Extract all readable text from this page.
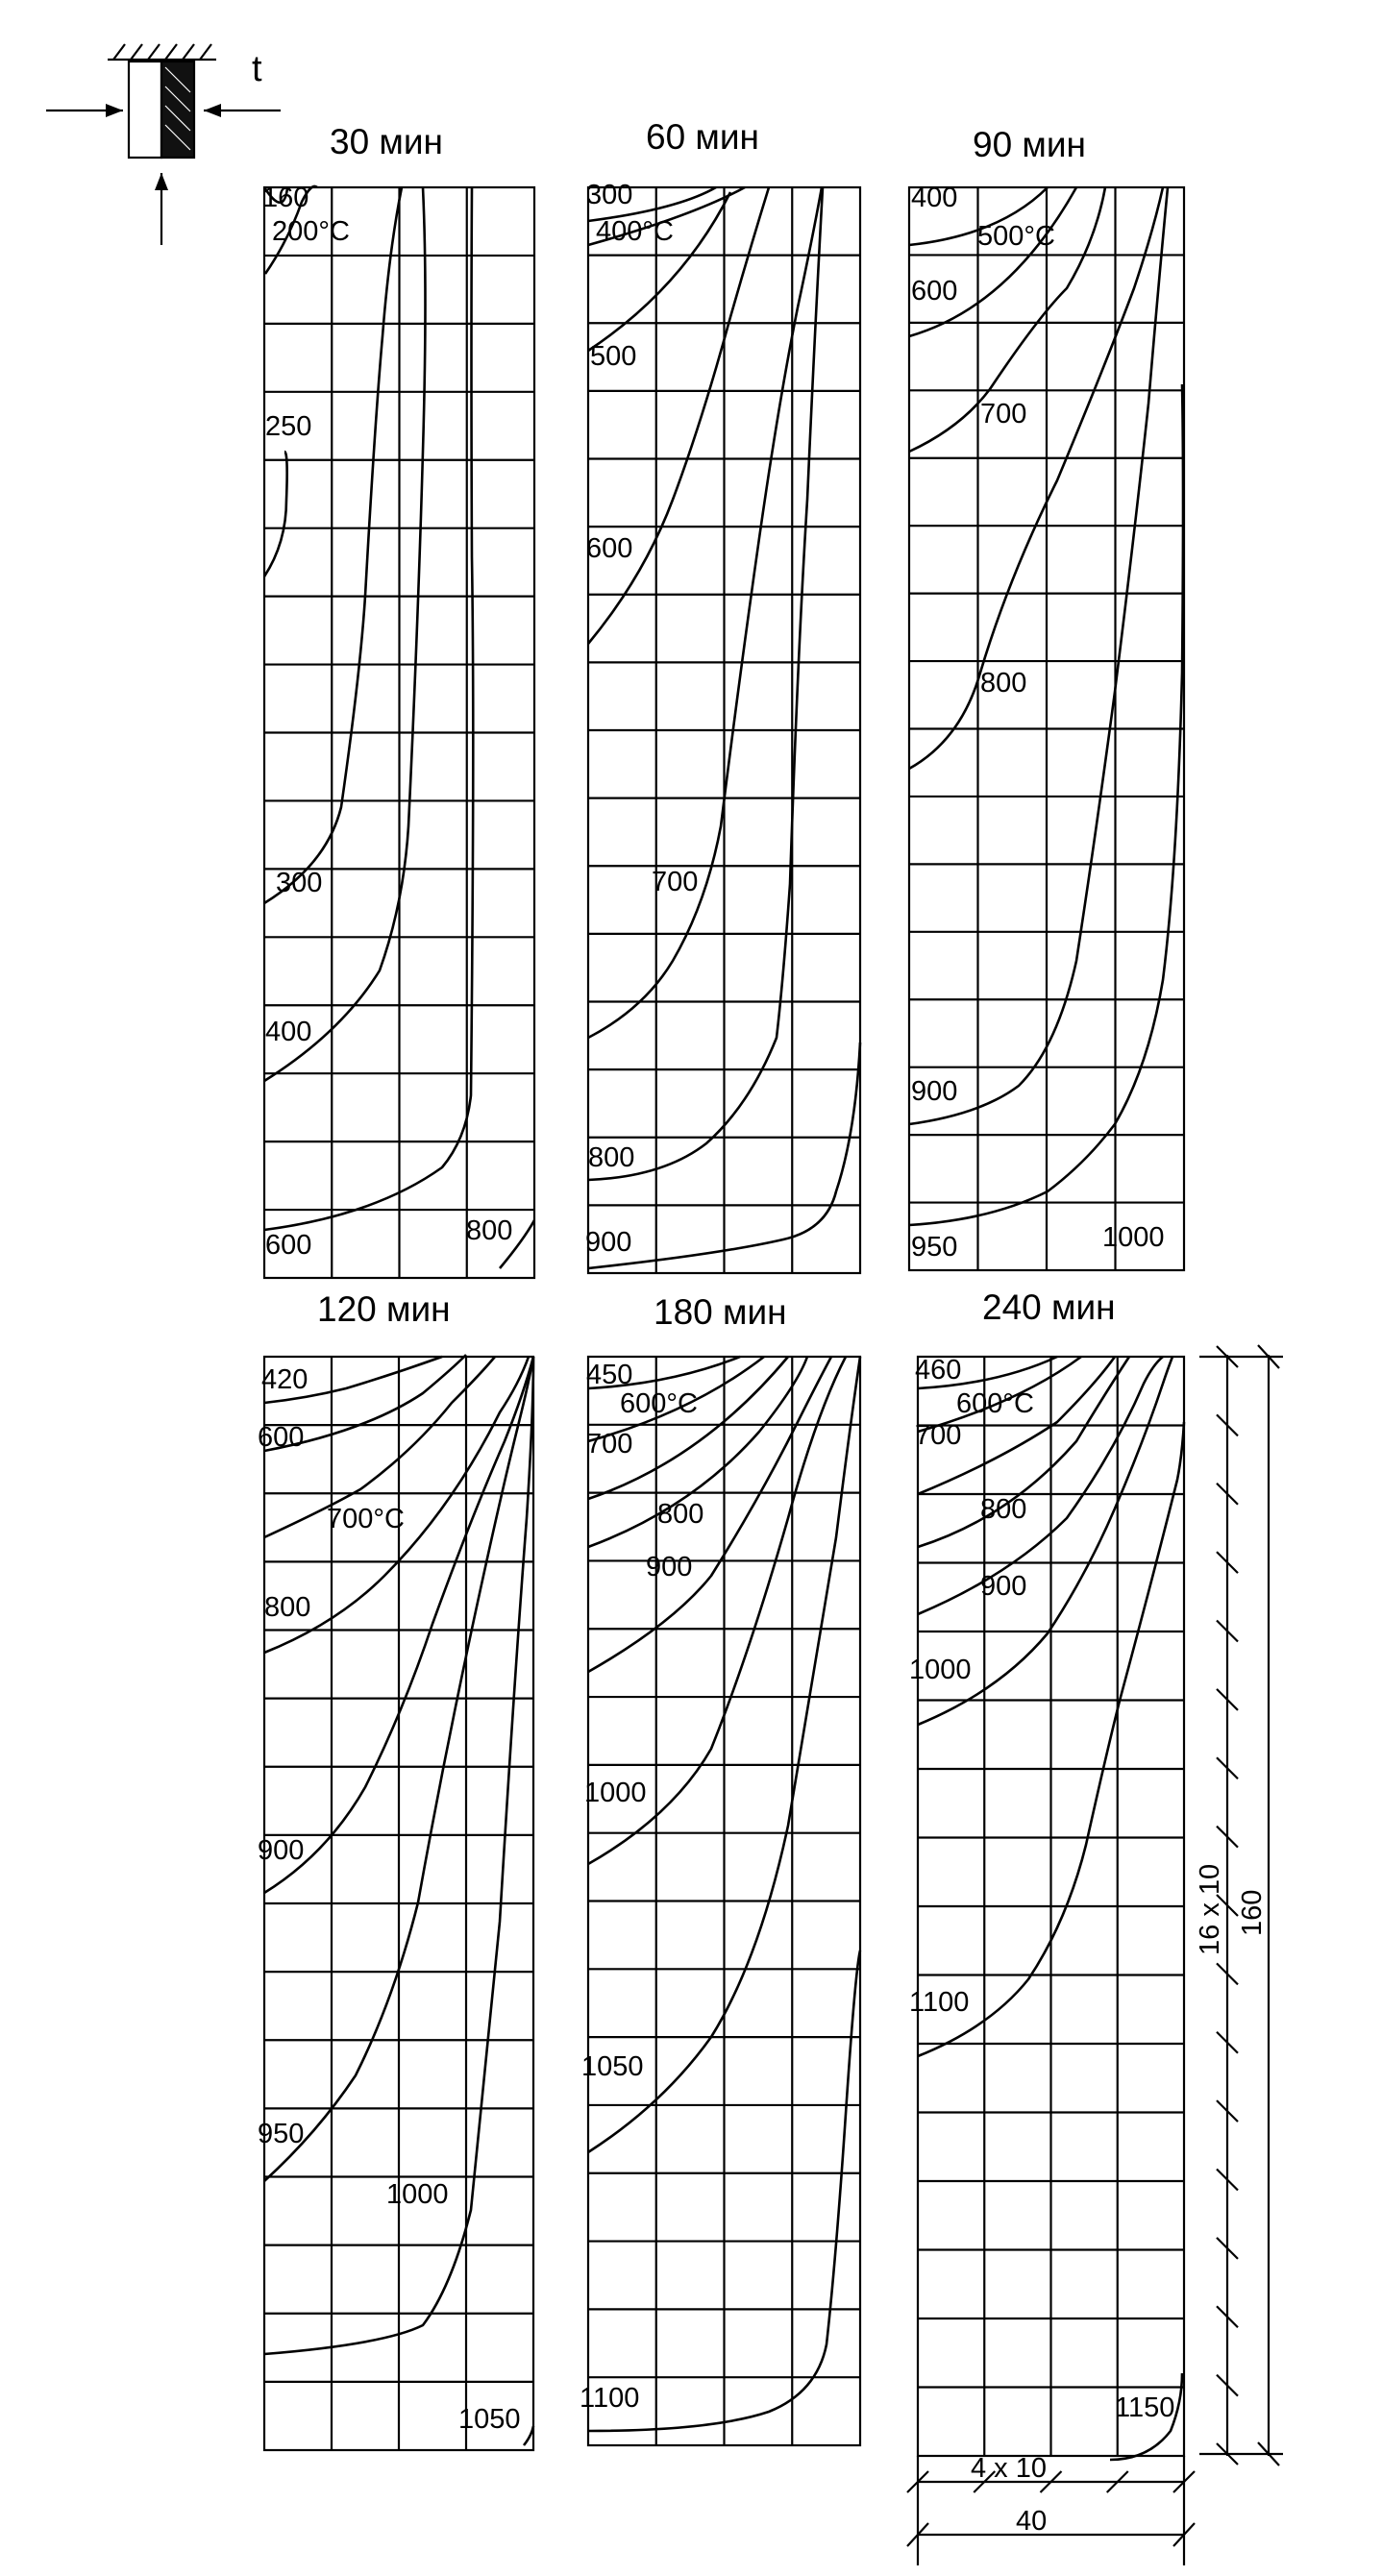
t
30 мин	60 мин	90 мин
120 мин	180 мин	240 мин
160
200°C
250
300
400
600	800
300
400°C
500
600
700
800
900
400
500°C
600
700
800
900
950	1000
420
600
700°C
800
900
950
1000
1050
450
600°C
700
800
900
1000
1050
1100
460
600°C
700
800
900
1000
1100
1150
16 x 10 160
4 x 10
40
